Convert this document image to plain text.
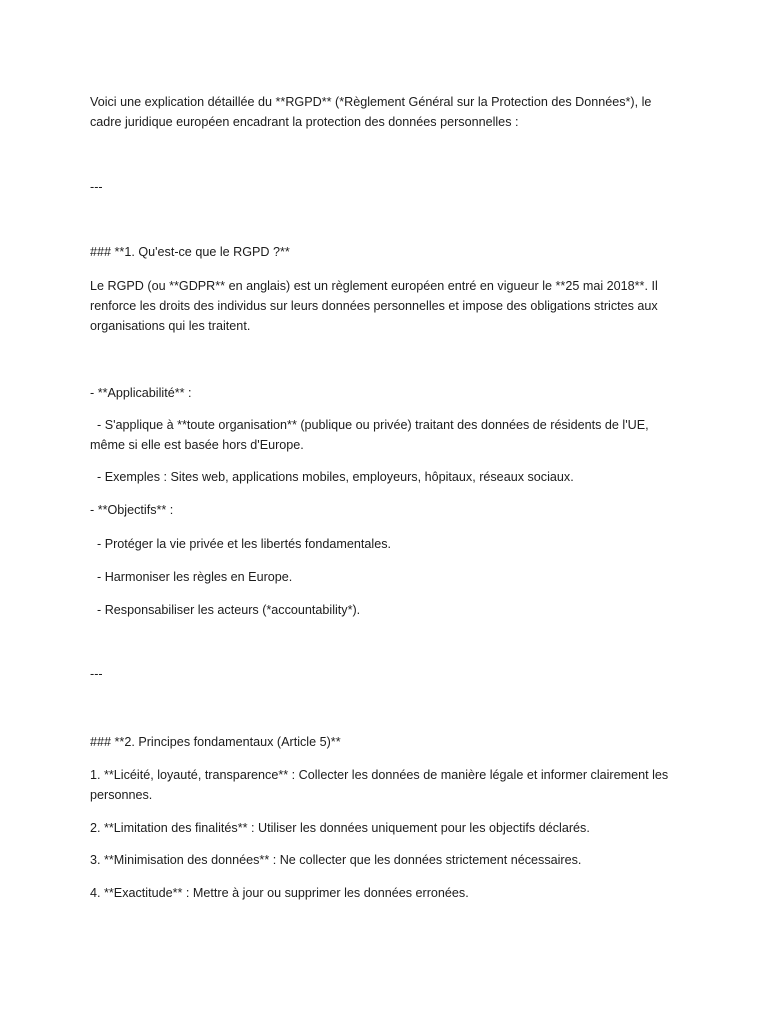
Voici une explication détaillée du **RGPD** (*Règlement Général sur la Protection des Données*), le cadre juridique européen encadrant la protection des données personnelles :

---

### **1. Qu'est-ce que le RGPD ?**

Le RGPD (ou **GDPR** en anglais) est un règlement européen entré en vigueur le **25 mai 2018**. Il renforce les droits des individus sur leurs données personnelles et impose des obligations strictes aux organisations qui les traitent.

- **Applicabilité** :

- S'applique à **toute organisation** (publique ou privée) traitant des données de résidents de l'UE, même si elle est basée hors d'Europe.

- Exemples : Sites web, applications mobiles, employeurs, hôpitaux, réseaux sociaux.

- **Objectifs** :

- Protéger la vie privée et les libertés fondamentales.

- Harmoniser les règles en Europe.

- Responsabiliser les acteurs (*accountability*).

---

### **2. Principes fondamentaux (Article 5)**

1. **Licéité, loyauté, transparence** : Collecter les données de manière légale et informer clairement les personnes.

2. **Limitation des finalités** : Utiliser les données uniquement pour les objectifs déclarés.

3. **Minimisation des données** : Ne collecter que les données strictement nécessaires.

4. **Exactitude** : Mettre à jour ou supprimer les données erronées.
